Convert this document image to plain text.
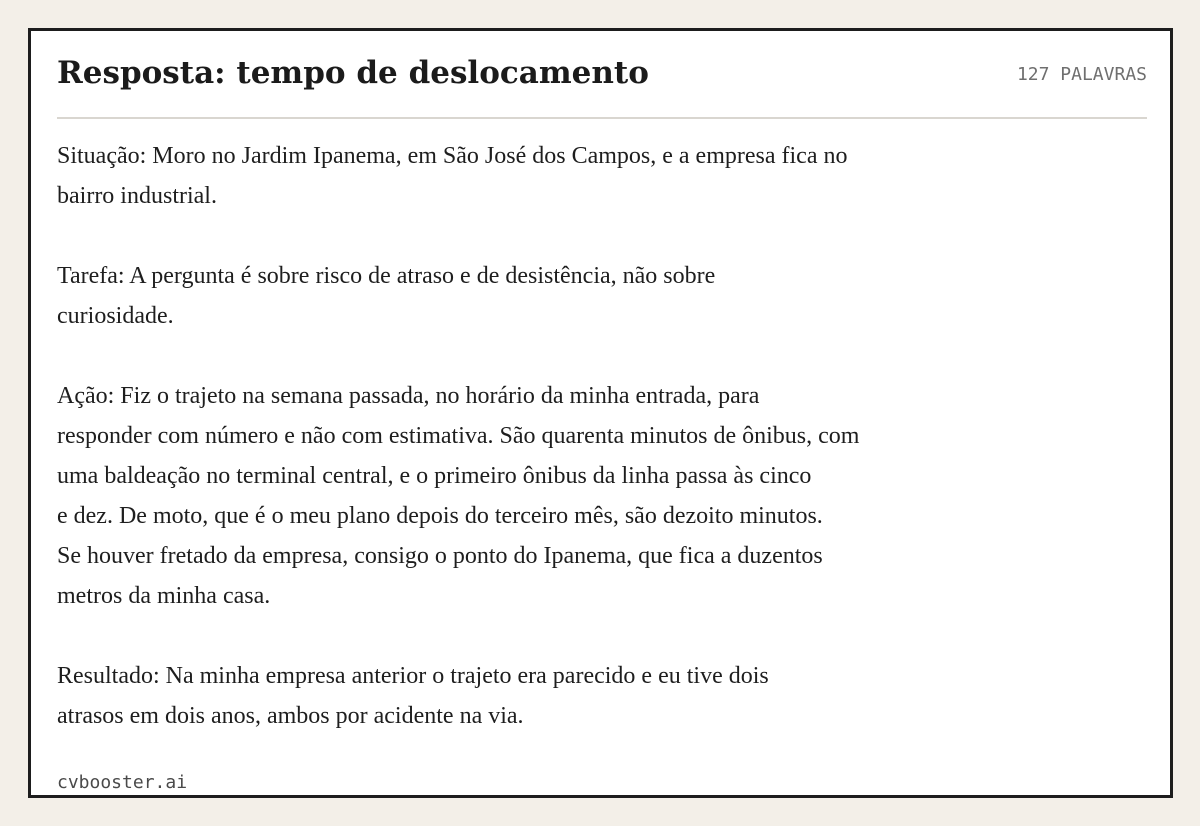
Resposta: tempo de deslocamento	127 PALAVRAS

Situação: Moro no Jardim Ipanema, em São José dos Campos, e a empresa fica no
bairro industrial.

Tarefa: A pergunta é sobre risco de atraso e de desistência, não sobre
curiosidade.

Ação: Fiz o trajeto na semana passada, no horário da minha entrada, para
responder com número e não com estimativa. São quarenta minutos de ônibus, com
uma baldeação no terminal central, e o primeiro ônibus da linha passa às cinco
e dez. De moto, que é o meu plano depois do terceiro mês, são dezoito minutos.
Se houver fretado da empresa, consigo o ponto do Ipanema, que fica a duzentos
metros da minha casa.

Resultado: Na minha empresa anterior o trajeto era parecido e eu tive dois
atrasos em dois anos, ambos por acidente na via.

cvbooster.ai
